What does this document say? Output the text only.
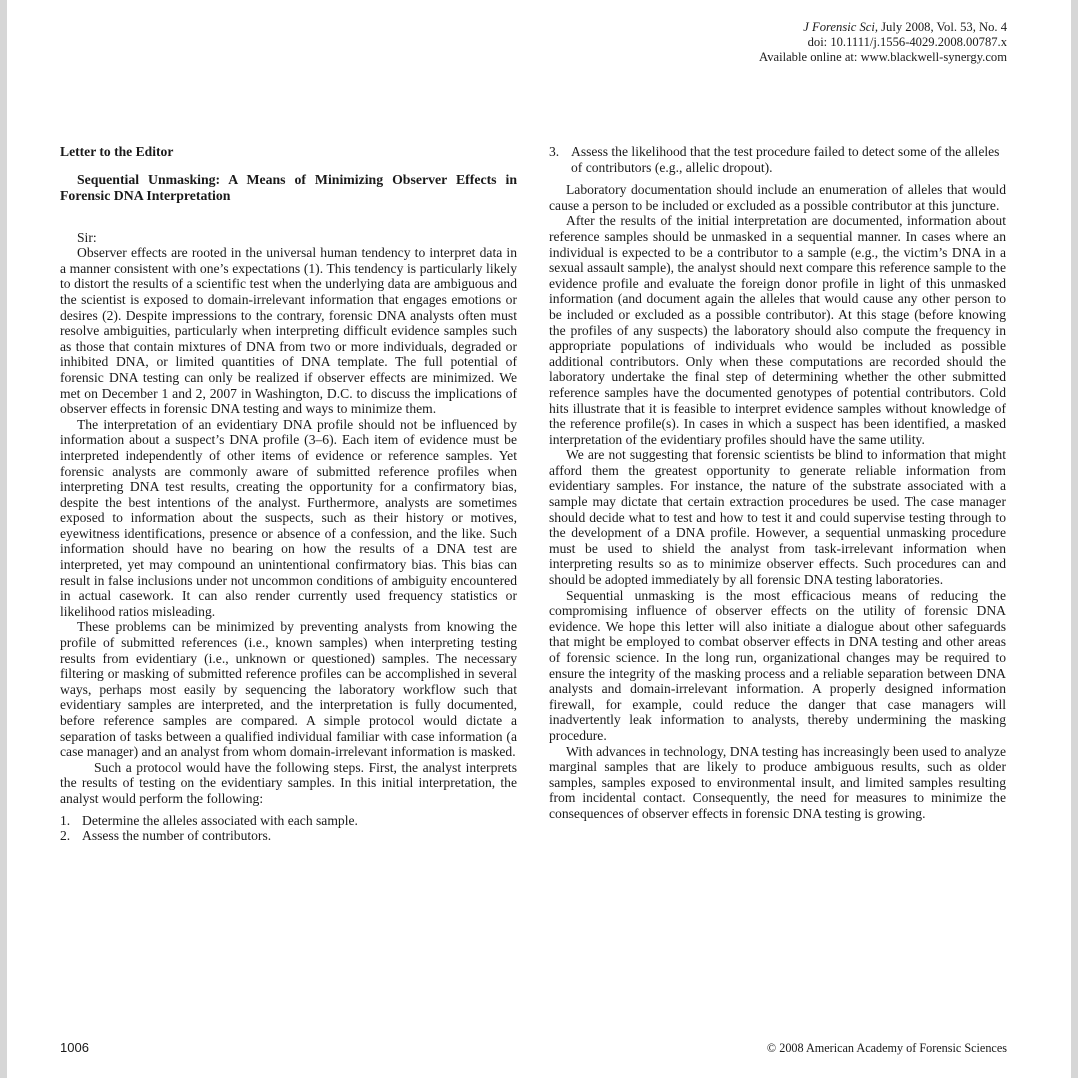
J Forensic Sci, July 2008, Vol. 53, No. 4
doi: 10.1111/j.1556-4029.2008.00787.x
Available online at: www.blackwell-synergy.com
Letter to the Editor
Sequential Unmasking: A Means of Minimizing Observer Effects in Forensic DNA Interpretation

Sir:

Observer effects are rooted in the universal human tendency to interpret data in a manner consistent with one’s expectations (1). This tendency is particularly likely to distort the results of a scientific test when the underlying data are ambiguous and the scientist is exposed to domain-irrelevant information that engages emotions or desires (2). Despite impressions to the contrary, forensic DNA analysts often must resolve ambiguities, particularly when interpreting difficult evidence samples such as those that contain mixtures of DNA from two or more individuals, degraded or inhibited DNA, or limited quantities of DNA template. The full potential of forensic DNA testing can only be realized if observer effects are minimized. We met on December 1 and 2, 2007 in Washington, D.C. to discuss the implications of observer effects in forensic DNA testing and ways to minimize them.

The interpretation of an evidentiary DNA profile should not be influenced by information about a suspect’s DNA profile (3–6). Each item of evidence must be interpreted independently of other items of evidence or reference samples. Yet forensic analysts are commonly aware of submitted reference profiles when interpreting DNA test results, creating the opportunity for a confirmatory bias, despite the best intentions of the analyst. Furthermore, analysts are sometimes exposed to information about the suspects, such as their history or motives, eyewitness identifications, presence or absence of a confession, and the like. Such information should have no bearing on how the results of a DNA test are interpreted, yet may compound an unintentional confirmatory bias. This bias can result in false inclusions under not uncommon conditions of ambiguity encountered in actual casework. It can also render currently used frequency statistics or likelihood ratios misleading.

These problems can be minimized by preventing analysts from knowing the profile of submitted references (i.e., known samples) when interpreting testing results from evidentiary (i.e., unknown or questioned) samples. The necessary filtering or masking of submitted reference profiles can be accomplished in several ways, perhaps most easily by sequencing the laboratory workflow such that evidentiary samples are interpreted, and the interpretation is fully documented, before reference samples are compared. A simple protocol would dictate a separation of tasks between a qualified individual familiar with case information (a case manager) and an analyst from whom domain-irrelevant information is masked.

Such a protocol would have the following steps. First, the analyst interprets the results of testing on the evidentiary samples. In this initial interpretation, the analyst would perform the following:

1. Determine the alleles associated with each sample.
2. Assess the number of contributors.
3. Assess the likelihood that the test procedure failed to detect some of the alleles of contributors (e.g., allelic dropout).

Laboratory documentation should include an enumeration of alleles that would cause a person to be included or excluded as a possible contributor at this juncture.

After the results of the initial interpretation are documented, information about reference samples should be unmasked in a sequential manner. In cases where an individual is expected to be a contributor to a sample (e.g., the victim’s DNA in a sexual assault sample), the analyst should next compare this reference sample to the evidence profile and evaluate the foreign donor profile in light of this unmasked information (and document again the alleles that would cause any other person to be included or excluded as a possible contributor). At this stage (before knowing the profiles of any suspects) the laboratory should also compute the frequency in appropriate populations of individuals who would be included as possible additional contributors. Only when these computations are recorded should the laboratory undertake the final step of determining whether the other submitted reference samples have the documented genotypes of potential contributors. Cold hits illustrate that it is feasible to interpret evidence samples without knowledge of the reference profile(s). In cases in which a suspect has been identified, a masked interpretation of the evidentiary profiles should have the same utility.

We are not suggesting that forensic scientists be blind to information that might afford them the greatest opportunity to generate reliable information from evidentiary samples. For instance, the nature of the substrate associated with a sample may dictate that certain extraction procedures be used. The case manager should decide what to test and how to test it and could supervise testing through to the development of a DNA profile. However, a sequential unmasking procedure must be used to shield the analyst from task-irrelevant information when interpreting results so as to minimize observer effects. Such procedures can and should be adopted immediately by all forensic DNA testing laboratories.

Sequential unmasking is the most efficacious means of reducing the compromising influence of observer effects on the utility of forensic DNA evidence. We hope this letter will also initiate a dialogue about other safeguards that might be employed to combat observer effects in DNA testing and other areas of forensic science. In the long run, organizational changes may be required to ensure the integrity of the masking process and a reliable separation between DNA analysts and domain-irrelevant information. A properly designed information firewall, for example, could reduce the danger that case managers will inadvertently leak information to analysts, thereby undermining the masking procedure.

With advances in technology, DNA testing has increasingly been used to analyze marginal samples that are likely to produce ambiguous results, such as older samples, samples exposed to environmental insult, and limited samples resulting from incidental contact. Consequently, the need for measures to minimize the consequences of observer effects in forensic DNA testing is growing.

1006	© 2008 American Academy of Forensic Sciences
